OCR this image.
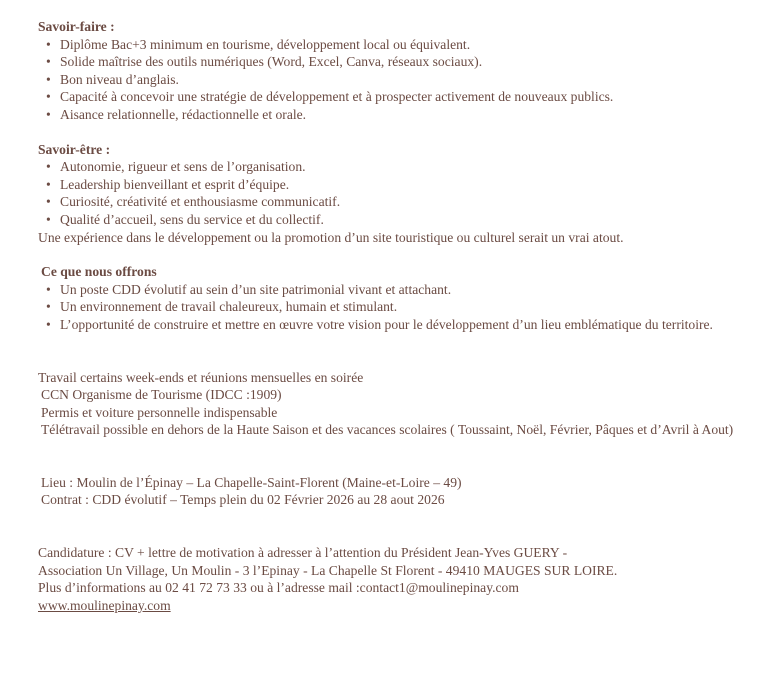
Savoir-faire :

• Diplôme Bac+3 minimum en tourisme, développement local ou équivalent.
• Solide maîtrise des outils numériques (Word, Excel, Canva, réseaux sociaux).
• Bon niveau d’anglais.
• Capacité à concevoir une stratégie de développement et à prospecter activement de nouveaux publics.
• Aisance relationnelle, rédactionnelle et orale.

Savoir-être :

• Autonomie, rigueur et sens de l’organisation.
• Leadership bienveillant et esprit d’équipe.
• Curiosité, créativité et enthousiasme communicatif.
• Qualité d’accueil, sens du service et du collectif.

Une expérience dans le développement ou la promotion d’un site touristique ou culturel serait un vrai atout.

Ce que nous offrons

• Un poste CDD évolutif au sein d’un site patrimonial vivant et attachant.
• Un environnement de travail chaleureux, humain et stimulant.
• L’opportunité de construire et mettre en œuvre votre vision pour le développement d’un lieu emblématique du territoire.

Travail certains week-ends et réunions mensuelles en soirée

CCN Organisme de Tourisme (IDCC :1909)

Permis et voiture personnelle indispensable

Télétravail possible en dehors de la Haute Saison et des vacances scolaires ( Toussaint, Noël, Février, Pâques et d’Avril à Aout)

Lieu : Moulin de l’Épinay – La Chapelle-Saint-Florent (Maine-et-Loire – 49)

Contrat : CDD évolutif – Temps plein du 02 Février 2026 au 28 aout 2026

Candidature : CV + lettre de motivation à adresser à l’attention du Président Jean-Yves GUERY -

Association Un Village, Un Moulin - 3 l’Epinay - La Chapelle St Florent - 49410 MAUGES SUR LOIRE.

Plus d’informations au 02 41 72 73 33 ou à l’adresse mail :contact1@moulinepinay.com

www.moulinepinay.com
